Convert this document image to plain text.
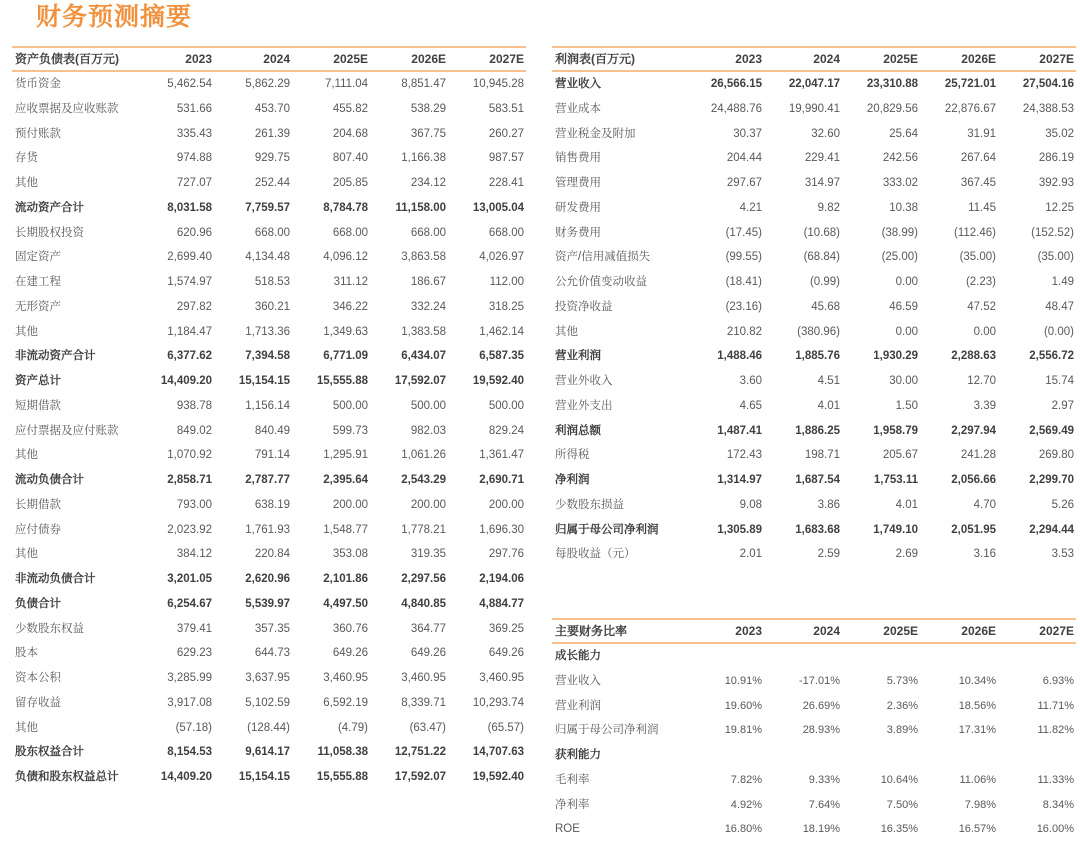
财务预测摘要
资产负债表(百万元)	2023	2024	2025E	2026E	2027E
货币资金	5,462.54	5,862.29	7,111.04	8,851.47	10,945.28
应收票据及应收账款	531.66	453.70	455.82	538.29	583.51
预付账款	335.43	261.39	204.68	367.75	260.27
存货	974.88	929.75	807.40	1,166.38	987.57
其他	727.07	252.44	205.85	234.12	228.41
流动资产合计	8,031.58	7,759.57	8,784.78	11,158.00	13,005.04
长期股权投资	620.96	668.00	668.00	668.00	668.00
固定资产	2,699.40	4,134.48	4,096.12	3,863.58	4,026.97
在建工程	1,574.97	518.53	311.12	186.67	112.00
无形资产	297.82	360.21	346.22	332.24	318.25
其他	1,184.47	1,713.36	1,349.63	1,383.58	1,462.14
非流动资产合计	6,377.62	7,394.58	6,771.09	6,434.07	6,587.35
资产总计	14,409.20	15,154.15	15,555.88	17,592.07	19,592.40
短期借款	938.78	1,156.14	500.00	500.00	500.00
应付票据及应付账款	849.02	840.49	599.73	982.03	829.24
其他	1,070.92	791.14	1,295.91	1,061.26	1,361.47
流动负债合计	2,858.71	2,787.77	2,395.64	2,543.29	2,690.71
长期借款	793.00	638.19	200.00	200.00	200.00
应付债券	2,023.92	1,761.93	1,548.77	1,778.21	1,696.30
其他	384.12	220.84	353.08	319.35	297.76
非流动负债合计	3,201.05	2,620.96	2,101.86	2,297.56	2,194.06
负债合计	6,254.67	5,539.97	4,497.50	4,840.85	4,884.77
少数股东权益	379.41	357.35	360.76	364.77	369.25
股本	629.23	644.73	649.26	649.26	649.26
资本公积	3,285.99	3,637.95	3,460.95	3,460.95	3,460.95
留存收益	3,917.08	5,102.59	6,592.19	8,339.71	10,293.74
其他	(57.18)	(128.44)	(4.79)	(63.47)	(65.57)
股东权益合计	8,154.53	9,614.17	11,058.38	12,751.22	14,707.63
负债和股东权益总计	14,409.20	15,154.15	15,555.88	17,592.07	19,592.40
利润表(百万元)	2023	2024	2025E	2026E	2027E
营业收入	26,566.15	22,047.17	23,310.88	25,721.01	27,504.16
营业成本	24,488.76	19,990.41	20,829.56	22,876.67	24,388.53
营业税金及附加	30.37	32.60	25.64	31.91	35.02
销售费用	204.44	229.41	242.56	267.64	286.19
管理费用	297.67	314.97	333.02	367.45	392.93
研发费用	4.21	9.82	10.38	11.45	12.25
财务费用	(17.45)	(10.68)	(38.99)	(112.46)	(152.52)
资产/信用减值损失	(99.55)	(68.84)	(25.00)	(35.00)	(35.00)
公允价值变动收益	(18.41)	(0.99)	0.00	(2.23)	1.49
投资净收益	(23.16)	45.68	46.59	47.52	48.47
其他	210.82	(380.96)	0.00	0.00	(0.00)
营业利润	1,488.46	1,885.76	1,930.29	2,288.63	2,556.72
营业外收入	3.60	4.51	30.00	12.70	15.74
营业外支出	4.65	4.01	1.50	3.39	2.97
利润总额	1,487.41	1,886.25	1,958.79	2,297.94	2,569.49
所得税	172.43	198.71	205.67	241.28	269.80
净利润	1,314.97	1,687.54	1,753.11	2,056.66	2,299.70
少数股东损益	9.08	3.86	4.01	4.70	5.26
归属于母公司净利润	1,305.89	1,683.68	1,749.10	2,051.95	2,294.44
每股收益（元）	2.01	2.59	2.69	3.16	3.53
主要财务比率	2023	2024	2025E	2026E	2027E
成长能力					
营业收入	10.91%	-17.01%	5.73%	10.34%	6.93%
营业利润	19.60%	26.69%	2.36%	18.56%	11.71%
归属于母公司净利润	19.81%	28.93%	3.89%	17.31%	11.82%
获利能力					
毛利率	7.82%	9.33%	10.64%	11.06%	11.33%
净利率	4.92%	7.64%	7.50%	7.98%	8.34%
ROE	16.80%	18.19%	16.35%	16.57%	16.00%
